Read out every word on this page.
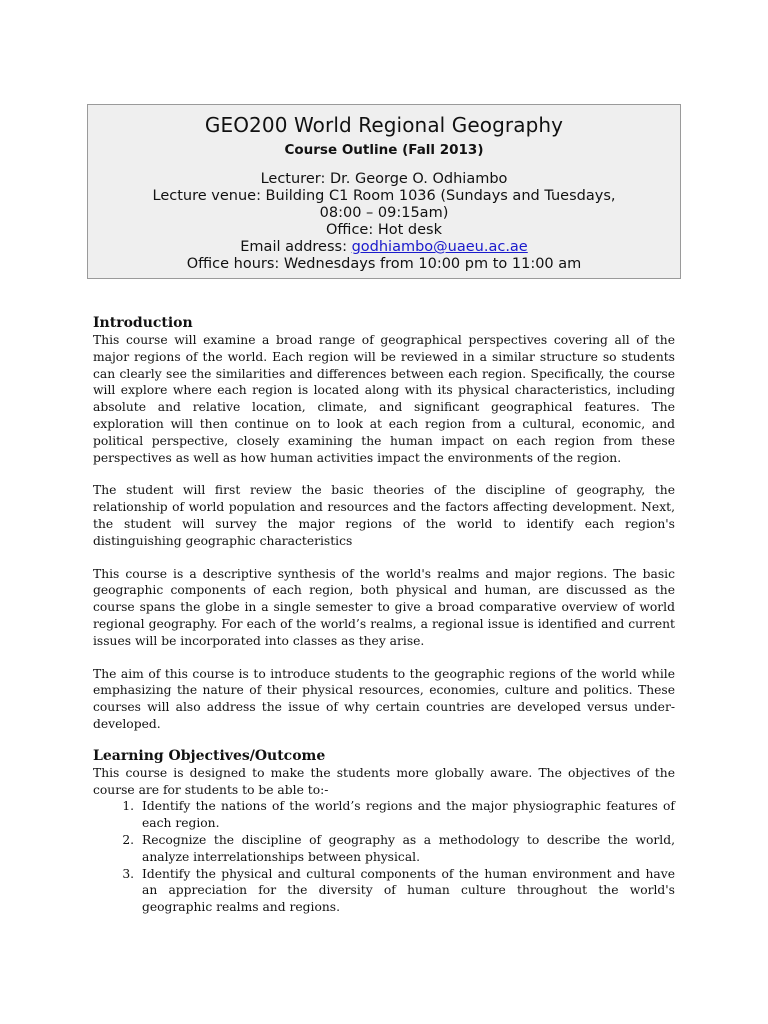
GEO200 World Regional Geography
Course Outline (Fall 2013)
Lecturer: Dr. George O. Odhiambo
Lecture venue: Building C1 Room 1036 (Sundays and Tuesdays,
08:00 – 09:15am)
Office: Hot desk
Email address: godhiambo@uaeu.ac.ae
Office hours: Wednesdays from 10:00 pm to 11:00 am
Introduction

This course will examine a broad range of geographical perspectives covering all of the major regions of the world. Each region will be reviewed in a similar structure so students can clearly see the similarities and differences between each region. Specifically, the course will explore where each region is located along with its physical characteristics, including absolute and relative location, climate, and significant geographical features. The exploration will then continue on to look at each region from a cultural, economic, and political perspective, closely examining the human impact on each region from these perspectives as well as how human activities impact the environments of the region.

The student will first review the basic theories of the discipline of geography, the relationship of world population and resources and the factors affecting development. Next, the student will survey the major regions of the world to identify each region's distinguishing geographic characteristics

This course is a descriptive synthesis of the world's realms and major regions. The basic geographic components of each region, both physical and human, are discussed as the course spans the globe in a single semester to give a broad comparative overview of world regional geography. For each of the world’s realms, a regional issue is identified and current issues will be incorporated into classes as they arise.

The aim of this course is to introduce students to the geographic regions of the world while emphasizing the nature of their physical resources, economies, culture and politics. These courses will also address the issue of why certain countries are developed versus under-developed.

Learning Objectives/Outcome

This course is designed to make the students more globally aware. The objectives of the course are for students to be able to:-

1. Identify the nations of the world’s regions and the major physiographic features of each region.
2. Recognize the discipline of geography as a methodology to describe the world, analyze interrelationships between physical.
3. Identify the physical and cultural components of the human environment and have an appreciation for the diversity of human culture throughout the world's geographic realms and regions.
